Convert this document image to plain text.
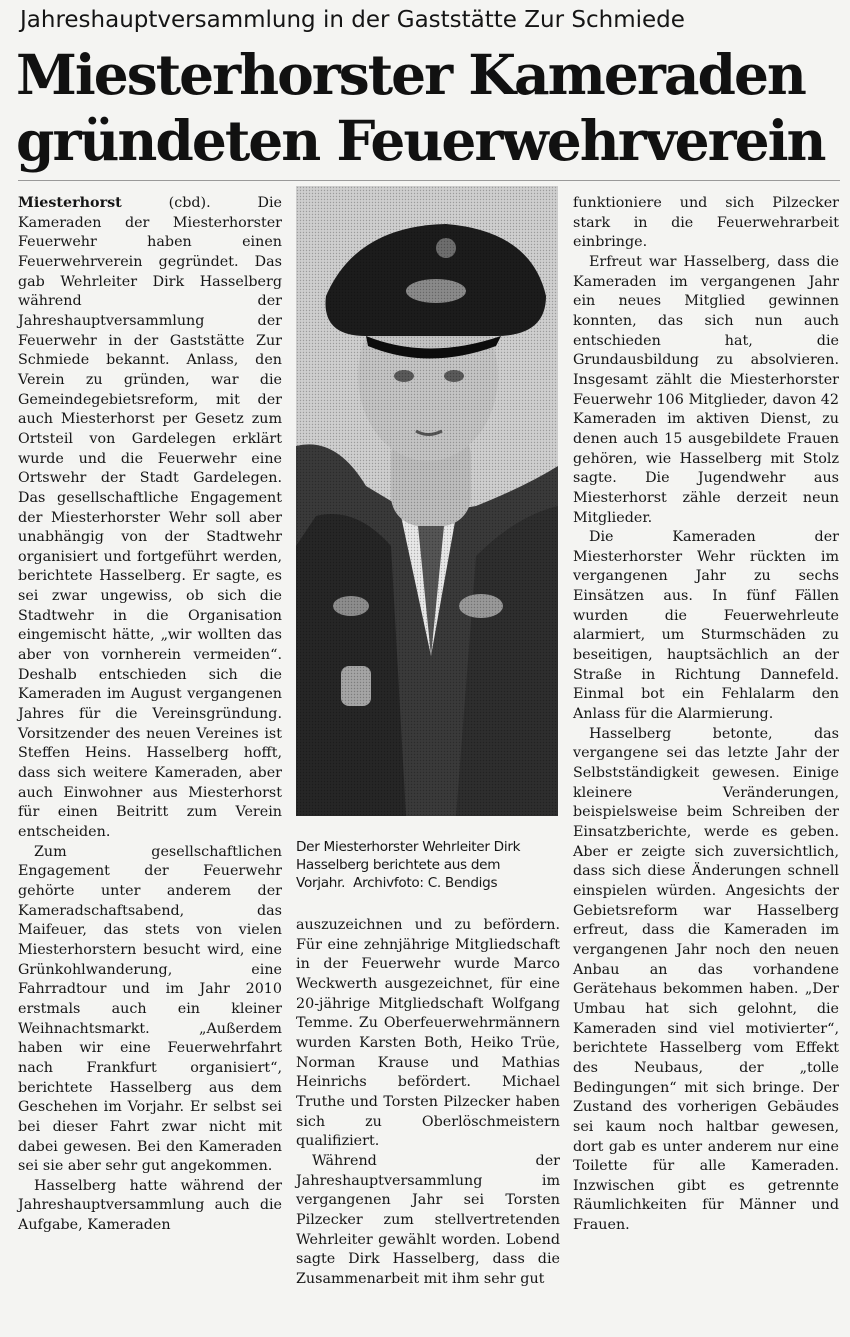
Jahreshauptversammlung in der Gaststätte Zur Schmiede
Miesterhorster Kameraden
gründeten Feuerwehrverein

Miesterhorst (cbd). Die Kameraden der Miesterhorster Feuerwehr haben einen Feuerwehrverein gegründet. Das gab Wehrleiter Dirk Hasselberg während der Jahreshauptversammlung der Feuerwehr in der Gaststätte Zur Schmiede bekannt. Anlass, den Verein zu gründen, war die Gemeindegebietsreform, mit der auch Miesterhorst per Gesetz zum Ortsteil von Gardelegen erklärt wurde und die Feuerwehr eine Ortswehr der Stadt Gardelegen. Das gesellschaftliche Engagement der Miesterhorster Wehr soll aber unabhängig von der Stadtwehr organisiert und fortgeführt werden, berichtete Hasselberg. Er sagte, es sei zwar ungewiss, ob sich die Stadtwehr in die Organisation eingemischt hätte, „wir wollten das aber von vornherein vermeiden“. Deshalb entschieden sich die Kameraden im August vergangenen Jahres für die Vereinsgründung. Vorsitzender des neuen Vereines ist Steffen Heins. Hasselberg hofft, dass sich weitere Kameraden, aber auch Einwohner aus Miesterhorst für einen Beitritt zum Verein entscheiden.

Zum gesellschaftlichen Engagement der Feuerwehr gehörte unter anderem der Kameradschaftsabend, das Maifeuer, das stets von vielen Miesterhorstern besucht wird, eine Grünkohlwanderung, eine Fahrradtour und im Jahr 2010 erstmals auch ein kleiner Weihnachtsmarkt. „Außerdem haben wir eine Feuerwehrfahrt nach Frankfurt organisiert“, berichtete Hasselberg aus dem Geschehen im Vorjahr. Er selbst sei bei dieser Fahrt zwar nicht mit dabei gewesen. Bei den Kameraden sei sie aber sehr gut angekommen.

Hasselberg hatte während der Jahreshauptversammlung auch die Aufgabe, Kameraden

Der Miesterhorster Wehrleiter Dirk
Hasselberg berichtete aus dem
Vorjahr. Archivfoto: C. Bendigs

auszuzeichnen und zu befördern. Für eine zehnjährige Mitgliedschaft in der Feuerwehr wurde Marco Weckwerth ausgezeichnet, für eine 20-jährige Mitgliedschaft Wolfgang Temme. Zu Oberfeuerwehrmännern wurden Karsten Both, Heiko Trüe, Norman Krause und Mathias Heinrichs befördert. Michael Truthe und Torsten Pilzecker haben sich zu Oberlöschmeistern qualifiziert.

Während der Jahreshauptversammlung im vergangenen Jahr sei Torsten Pilzecker zum stellvertretenden Wehrleiter gewählt worden. Lobend sagte Dirk Hasselberg, dass die Zusammenarbeit mit ihm sehr gut

funktioniere und sich Pilzecker stark in die Feuerwehrarbeit einbringe.

Erfreut war Hasselberg, dass die Kameraden im vergangenen Jahr ein neues Mitglied gewinnen konnten, das sich nun auch entschieden hat, die Grundausbildung zu absolvieren. Insgesamt zählt die Miesterhorster Feuerwehr 106 Mitglieder, davon 42 Kameraden im aktiven Dienst, zu denen auch 15 ausgebildete Frauen gehören, wie Hasselberg mit Stolz sagte. Die Jugendwehr aus Miesterhorst zähle derzeit neun Mitglieder.

Die Kameraden der Miesterhorster Wehr rückten im vergangenen Jahr zu sechs Einsätzen aus. In fünf Fällen wurden die Feuerwehrleute alarmiert, um Sturmschäden zu beseitigen, hauptsächlich an der Straße in Richtung Dannefeld. Einmal bot ein Fehlalarm den Anlass für die Alarmierung.

Hasselberg betonte, das vergangene sei das letzte Jahr der Selbstständigkeit gewesen. Einige kleinere Veränderungen, beispielsweise beim Schreiben der Einsatzberichte, werde es geben. Aber er zeigte sich zuversichtlich, dass sich diese Änderungen schnell einspielen würden. Angesichts der Gebietsreform war Hasselberg erfreut, dass die Kameraden im vergangenen Jahr noch den neuen Anbau an das vorhandene Gerätehaus bekommen haben. „Der Umbau hat sich gelohnt, die Kameraden sind viel motivierter“, berichtete Hasselberg vom Effekt des Neubaus, der „tolle Bedingungen“ mit sich bringe. Der Zustand des vorherigen Gebäudes sei kaum noch haltbar gewesen, dort gab es unter anderem nur eine Toilette für alle Kameraden. Inzwischen gibt es getrennte Räumlichkeiten für Männer und Frauen.
